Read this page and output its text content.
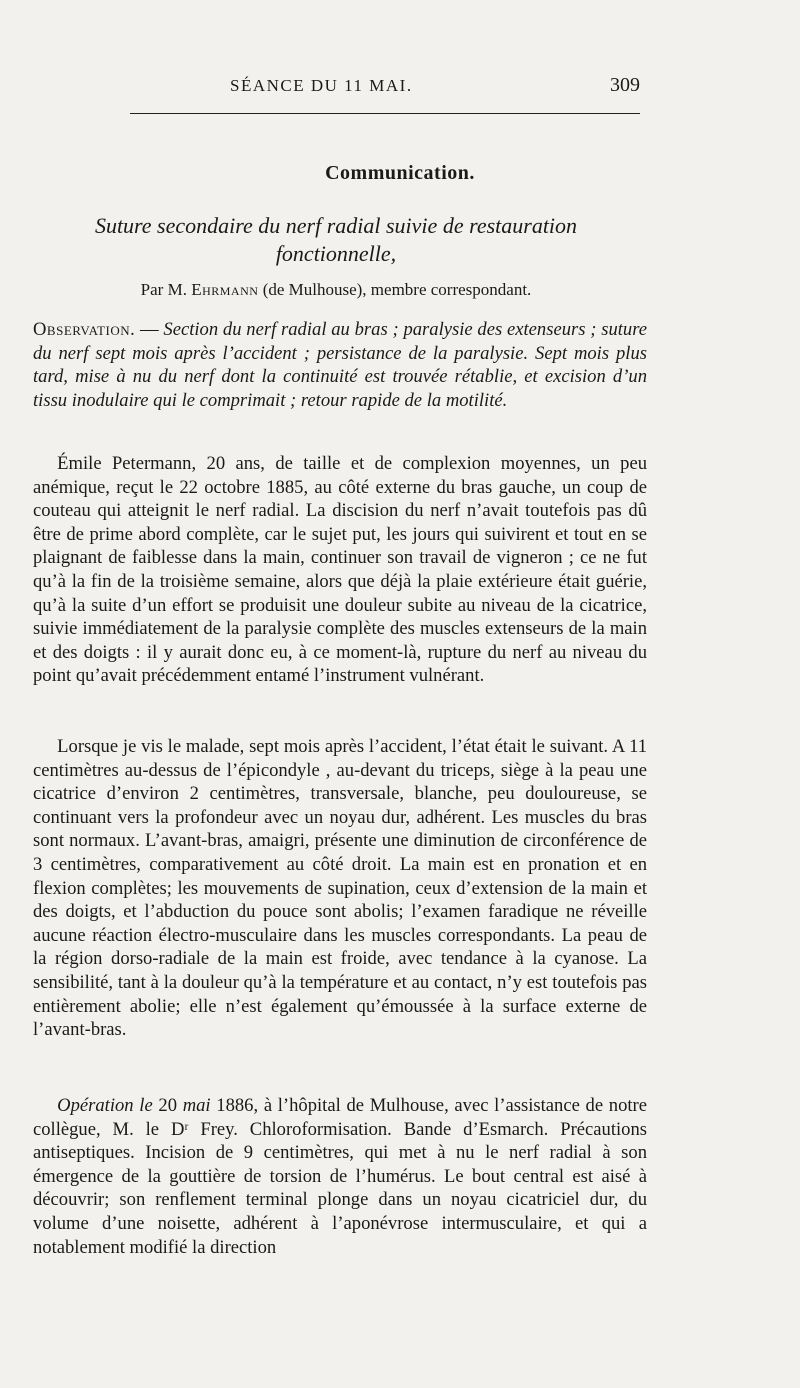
SÉANCE DU 11 MAI.	309
Communication.
Suture secondaire du nerf radial suivie de restauration
fonctionnelle,
Par M. Ehrmann (de Mulhouse), membre correspondant.

Observation. — Section du nerf radial au bras ; paralysie des extenseurs ; suture du nerf sept mois après l’accident ; persistance de la paralysie. Sept mois plus tard, mise à nu du nerf dont la continuité est trouvée rétablie, et excision d’un tissu inodulaire qui le comprimait ; retour rapide de la motilité.

Émile Petermann, 20 ans, de taille et de complexion moyennes, un peu anémique, reçut le 22 octobre 1885, au côté externe du bras gauche, un coup de couteau qui atteignit le nerf radial. La discision du nerf n’avait toutefois pas dû être de prime abord complète, car le sujet put, les jours qui suivirent et tout en se plaignant de faiblesse dans la main, continuer son travail de vigneron ; ce ne fut qu’à la fin de la troisième semaine, alors que déjà la plaie extérieure était guérie, qu’à la suite d’un effort se produisit une douleur subite au niveau de la cicatrice, suivie immédiatement de la paralysie complète des muscles extenseurs de la main et des doigts : il y aurait donc eu, à ce moment-là, rupture du nerf au niveau du point qu’avait précédemment entamé l’instrument vulnérant.

Lorsque je vis le malade, sept mois après l’accident, l’état était le suivant. A 11 centimètres au-dessus de l’épicondyle , au-devant du triceps, siège à la peau une cicatrice d’environ 2 centimètres, transversale, blanche, peu douloureuse, se continuant vers la profondeur avec un noyau dur, adhérent. Les muscles du bras sont normaux. L’avant-bras, amaigri, présente une diminution de circonférence de 3 centimètres, comparativement au côté droit. La main est en pronation et en flexion complètes; les mouvements de supination, ceux d’extension de la main et des doigts, et l’abduction du pouce sont abolis; l’examen faradique ne réveille aucune réaction électro-musculaire dans les muscles correspondants. La peau de la région dorso-radiale de la main est froide, avec tendance à la cyanose. La sensibilité, tant à la douleur qu’à la température et au contact, n’y est toutefois pas entièrement abolie; elle n’est également qu’émoussée à la surface externe de l’avant-bras.

Opération le 20 mai 1886, à l’hôpital de Mulhouse, avec l’assistance de notre collègue, M. le Dʳ Frey. Chloroformisation. Bande d’Esmarch. Précautions antiseptiques. Incision de 9 centimètres, qui met à nu le nerf radial à son émergence de la gouttière de torsion de l’humérus. Le bout central est aisé à découvrir; son renflement terminal plonge dans un noyau cicatriciel dur, du volume d’une noisette, adhérent à l’aponévrose intermusculaire, et qui a notablement modifié la direction
